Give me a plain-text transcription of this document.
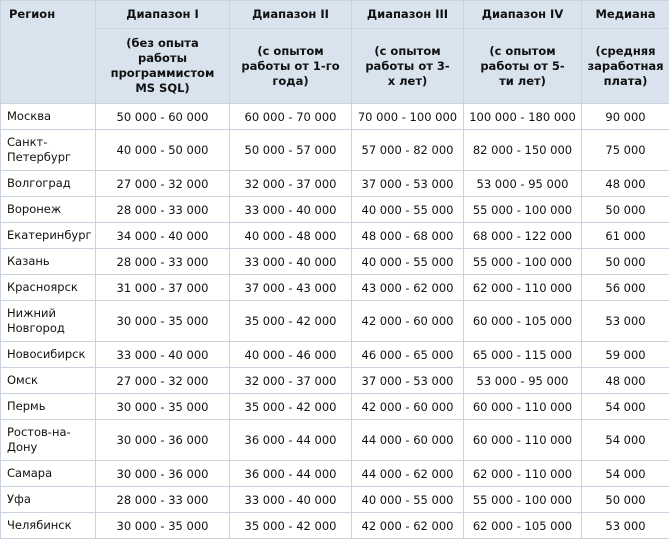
Регион	Диапазон I	Диапазон II	Диапазон III	Диапазон IV	Медиана
	(без опыта работы программистом MS SQL)	(с опытом работы от 1-го года)	(с опытом работы от 3-х лет)	(с опытом работы от 5-ти лет)	(средняя заработная плата)
Москва	50 000 - 60 000	60 000 - 70 000	70 000 - 100 000	100 000 - 180 000	90 000
Санкт-Петербург	40 000 - 50 000	50 000 - 57 000	57 000 - 82 000	82 000 - 150 000	75 000
Волгоград	27 000 - 32 000	32 000 - 37 000	37 000 - 53 000	53 000 - 95 000	48 000
Воронеж	28 000 - 33 000	33 000 - 40 000	40 000 - 55 000	55 000 - 100 000	50 000
Екатеринбург	34 000 - 40 000	40 000 - 48 000	48 000 - 68 000	68 000 - 122 000	61 000
Казань	28 000 - 33 000	33 000 - 40 000	40 000 - 55 000	55 000 - 100 000	50 000
Красноярск	31 000 - 37 000	37 000 - 43 000	43 000 - 62 000	62 000 - 110 000	56 000
Нижний Новгород	30 000 - 35 000	35 000 - 42 000	42 000 - 60 000	60 000 - 105 000	53 000
Новосибирск	33 000 - 40 000	40 000 - 46 000	46 000 - 65 000	65 000 - 115 000	59 000
Омск	27 000 - 32 000	32 000 - 37 000	37 000 - 53 000	53 000 - 95 000	48 000
Пермь	30 000 - 35 000	35 000 - 42 000	42 000 - 60 000	60 000 - 110 000	54 000
Ростов-на-Дону	30 000 - 36 000	36 000 - 44 000	44 000 - 60 000	60 000 - 110 000	54 000
Самара	30 000 - 36 000	36 000 - 44 000	44 000 - 62 000	62 000 - 110 000	54 000
Уфа	28 000 - 33 000	33 000 - 40 000	40 000 - 55 000	55 000 - 100 000	50 000
Челябинск	30 000 - 35 000	35 000 - 42 000	42 000 - 62 000	62 000 - 105 000	53 000
